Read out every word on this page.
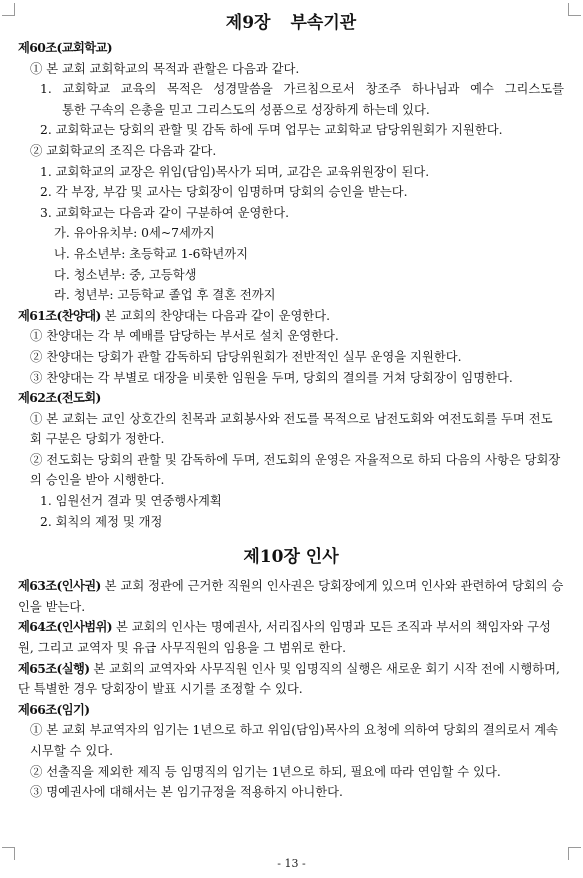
제9장 부속기관

제60조(교회학교)

① 본 교회 교회학교의 목적과 관할은 다음과 같다.

1. 교회학교 교육의 목적은 성경말씀을 가르침으로서 창조주 하나님과 예수 그리스도를

통한 구속의 은총을 믿고 그리스도의 성품으로 성장하게 하는데 있다.

2. 교회학교는 당회의 관할 및 감독 하에 두며 업무는 교회학교 담당위원회가 지원한다.

② 교회학교의 조직은 다음과 같다.

1. 교회학교의 교장은 위임(담임)목사가 되며, 교감은 교육위원장이 된다.

2. 각 부장, 부감 및 교사는 당회장이 임명하며 당회의 승인을 받는다.

3. 교회학교는 다음과 같이 구분하여 운영한다.

가. 유아유치부: 0세~7세까지

나. 유소년부: 초등학교 1-6학년까지

다. 청소년부: 중, 고등학생

라. 청년부: 고등학교 졸업 후 결혼 전까지

제61조(찬양대) 본 교회의 찬양대는 다음과 같이 운영한다.

① 찬양대는 각 부 예배를 담당하는 부서로 설치 운영한다.

② 찬양대는 당회가 관할 감독하되 담당위원회가 전반적인 실무 운영을 지원한다.

③ 찬양대는 각 부별로 대장을 비롯한 임원을 두며, 당회의 결의를 거쳐 당회장이 임명한다.

제62조(전도회)

① 본 교회는 교인 상호간의 친목과 교회봉사와 전도를 목적으로 남전도회와 여전도회를 두며 전도회 구분은 당회가 정한다.

② 전도회는 당회의 관할 및 감독하에 두며, 전도회의 운영은 자율적으로 하되 다음의 사항은 당회장의 승인을 받아 시행한다.

1. 임원선거 결과 및 연중행사계획

2. 회칙의 제정 및 개정

제10장 인사

제63조(인사권) 본 교회 정관에 근거한 직원의 인사권은 당회장에게 있으며 인사와 관련하여 당회의 승인을 받는다.

제64조(인사범위) 본 교회의 인사는 명예권사, 서리집사의 임명과 모든 조직과 부서의 책임자와 구성원, 그리고 교역자 및 유급 사무직원의 임용을 그 범위로 한다.

제65조(실행) 본 교회의 교역자와 사무직원 인사 및 임명직의 실행은 새로운 회기 시작 전에 시행하며, 단 특별한 경우 당회장이 발표 시기를 조정할 수 있다.

제66조(임기)

① 본 교회 부교역자의 임기는 1년으로 하고 위임(담임)목사의 요청에 의하여 당회의 결의로서 계속 시무할 수 있다.

② 선출직을 제외한 제직 등 임명직의 임기는 1년으로 하되, 필요에 따라 연임할 수 있다.

③ 명예권사에 대해서는 본 임기규정을 적용하지 아니한다.

- 13 -
